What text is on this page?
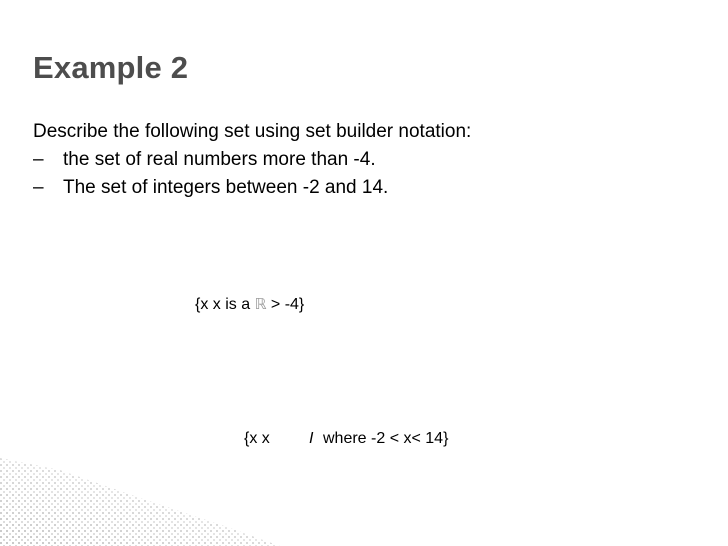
Example 2
Describe the following set using set builder notation:
– the set of real numbers more than -4.
– The set of integers between -2 and 14.
{x x is a ℝ > -4}
{x x I where -2 < x< 14}
